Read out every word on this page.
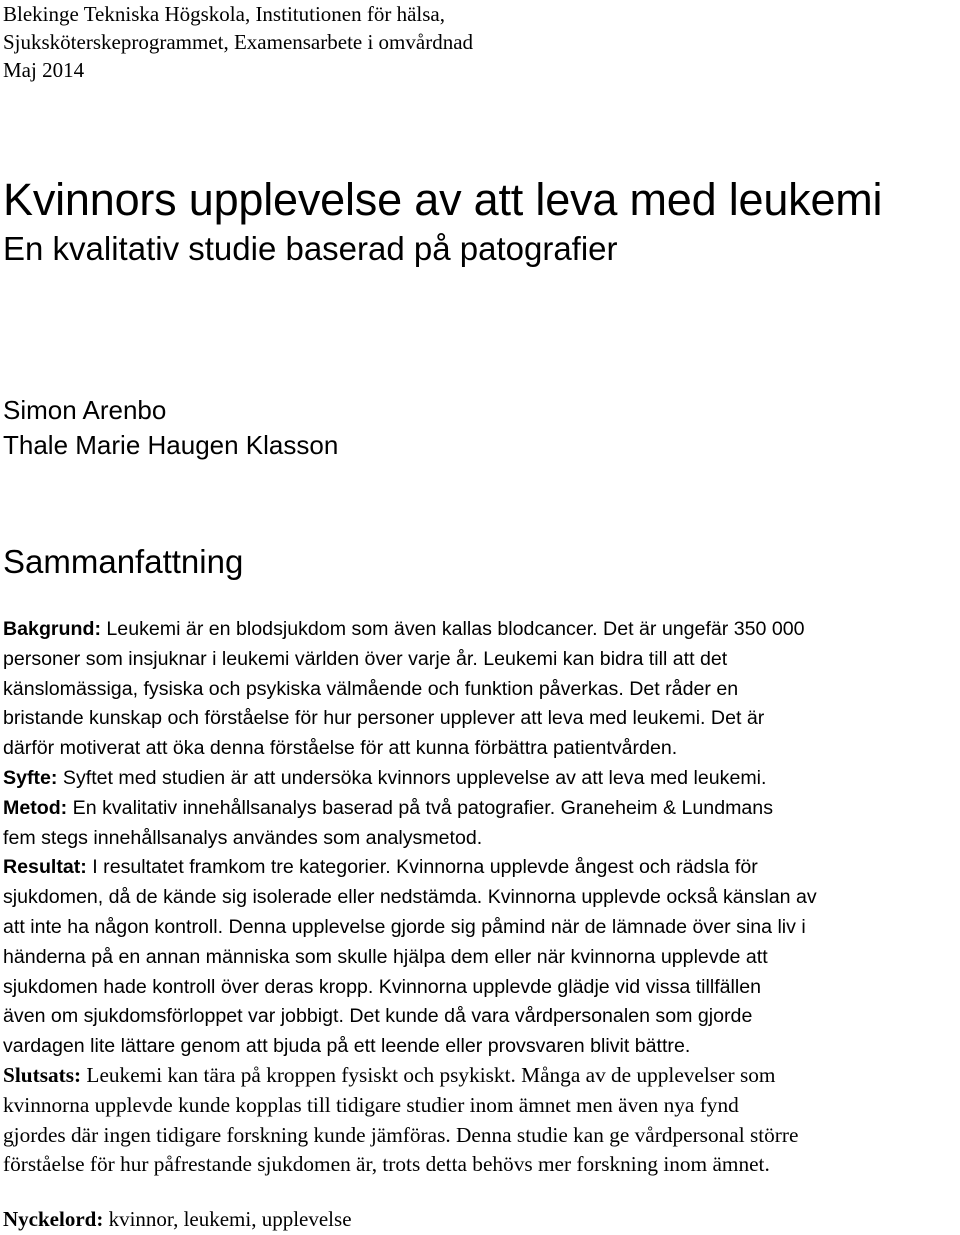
Blekinge Tekniska Högskola, Institutionen för hälsa,
Sjuksköterskeprogrammet, Examensarbete i omvårdnad
Maj 2014
Kvinnors upplevelse av att leva med leukemi
En kvalitativ studie baserad på patografier
Simon Arenbo
Thale Marie Haugen Klasson
Sammanfattning
Bakgrund: Leukemi är en blodsjukdom som även kallas blodcancer. Det är ungefär 350 000
personer som insjuknar i leukemi världen över varje år. Leukemi kan bidra till att det
känslomässiga, fysiska och psykiska välmående och funktion påverkas. Det råder en
bristande kunskap och förståelse för hur personer upplever att leva med leukemi. Det är
därför motiverat att öka denna förståelse för att kunna förbättra patientvården.
Syfte: Syftet med studien är att undersöka kvinnors upplevelse av att leva med leukemi.
Metod: En kvalitativ innehållsanalys baserad på två patografier. Graneheim & Lundmans
fem stegs innehållsanalys användes som analysmetod.
Resultat: I resultatet framkom tre kategorier. Kvinnorna upplevde ångest och rädsla för
sjukdomen, då de kände sig isolerade eller nedstämda. Kvinnorna upplevde också känslan av
att inte ha någon kontroll. Denna upplevelse gjorde sig påmind när de lämnade över sina liv i
händerna på en annan människa som skulle hjälpa dem eller när kvinnorna upplevde att
sjukdomen hade kontroll över deras kropp. Kvinnorna upplevde glädje vid vissa tillfällen
även om sjukdomsförloppet var jobbigt. Det kunde då vara vårdpersonalen som gjorde
vardagen lite lättare genom att bjuda på ett leende eller provsvaren blivit bättre.
Slutsats: Leukemi kan tära på kroppen fysiskt och psykiskt. Många av de upplevelser som
kvinnorna upplevde kunde kopplas till tidigare studier inom ämnet men även nya fynd
gjordes där ingen tidigare forskning kunde jämföras. Denna studie kan ge vårdpersonal större
förståelse för hur påfrestande sjukdomen är, trots detta behövs mer forskning inom ämnet.
Nyckelord: kvinnor, leukemi, upplevelse
